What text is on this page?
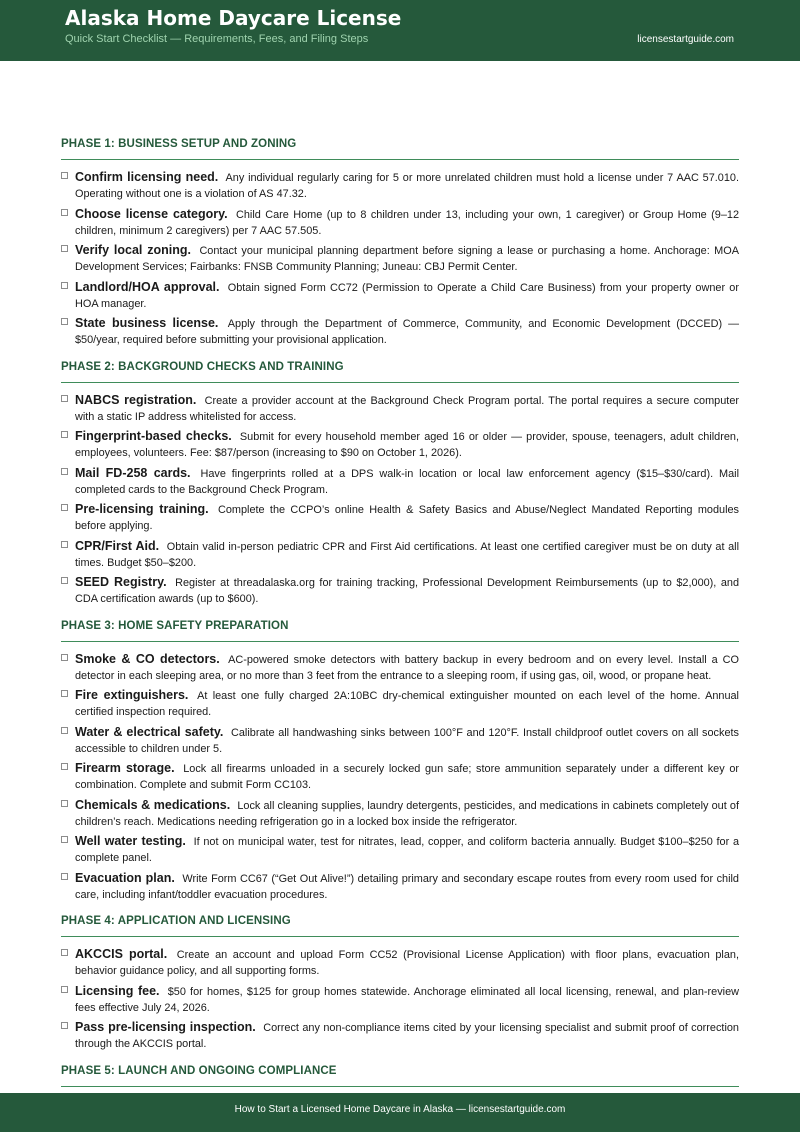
Alaska Home Daycare License
Quick Start Checklist — Requirements, Fees, and Filing Steps	licensestartguide.com
PHASE 1: BUSINESS SETUP AND ZONING
Confirm licensing need. Any individual regularly caring for 5 or more unrelated children must hold a license under 7 AAC 57.010. Operating without one is a violation of AS 47.32.
Choose license category. Child Care Home (up to 8 children under 13, including your own, 1 caregiver) or Group Home (9–12 children, minimum 2 caregivers) per 7 AAC 57.505.
Verify local zoning. Contact your municipal planning department before signing a lease or purchasing a home. Anchorage: MOA Development Services; Fairbanks: FNSB Community Planning; Juneau: CBJ Permit Center.
Landlord/HOA approval. Obtain signed Form CC72 (Permission to Operate a Child Care Business) from your property owner or HOA manager.
State business license. Apply through the Department of Commerce, Community, and Economic Development (DCCED) — $50/year, required before submitting your provisional application.
PHASE 2: BACKGROUND CHECKS AND TRAINING
NABCS registration. Create a provider account at the Background Check Program portal. The portal requires a secure computer with a static IP address whitelisted for access.
Fingerprint-based checks. Submit for every household member aged 16 or older — provider, spouse, teenagers, adult children, employees, volunteers. Fee: $87/person (increasing to $90 on October 1, 2026).
Mail FD-258 cards. Have fingerprints rolled at a DPS walk-in location or local law enforcement agency ($15–$30/card). Mail completed cards to the Background Check Program.
Pre-licensing training. Complete the CCPO’s online Health & Safety Basics and Abuse/Neglect Mandated Reporting modules before applying.
CPR/First Aid. Obtain valid in-person pediatric CPR and First Aid certifications. At least one certified caregiver must be on duty at all times. Budget $50–$200.
SEED Registry. Register at threadalaska.org for training tracking, Professional Development Reimbursements (up to $2,000), and CDA certification awards (up to $600).
PHASE 3: HOME SAFETY PREPARATION
Smoke & CO detectors. AC-powered smoke detectors with battery backup in every bedroom and on every level. Install a CO detector in each sleeping area, or no more than 3 feet from the entrance to a sleeping room, if using gas, oil, wood, or propane heat.
Fire extinguishers. At least one fully charged 2A:10BC dry-chemical extinguisher mounted on each level of the home. Annual certified inspection required.
Water & electrical safety. Calibrate all handwashing sinks between 100°F and 120°F. Install childproof outlet covers on all sockets accessible to children under 5.
Firearm storage. Lock all firearms unloaded in a securely locked gun safe; store ammunition separately under a different key or combination. Complete and submit Form CC103.
Chemicals & medications. Lock all cleaning supplies, laundry detergents, pesticides, and medications in cabinets completely out of children’s reach. Medications needing refrigeration go in a locked box inside the refrigerator.
Well water testing. If not on municipal water, test for nitrates, lead, copper, and coliform bacteria annually. Budget $100–$250 for a complete panel.
Evacuation plan. Write Form CC67 (“Get Out Alive!”) detailing primary and secondary escape routes from every room used for child care, including infant/toddler evacuation procedures.
PHASE 4: APPLICATION AND LICENSING
AKCCIS portal. Create an account and upload Form CC52 (Provisional License Application) with floor plans, evacuation plan, behavior guidance policy, and all supporting forms.
Licensing fee. $50 for homes, $125 for group homes statewide. Anchorage eliminated all local licensing, renewal, and plan-review fees effective July 24, 2026.
Pass pre-licensing inspection. Correct any non-compliance items cited by your licensing specialist and submit proof of correction through the AKCCIS portal.
PHASE 5: LAUNCH AND ONGOING COMPLIANCE
How to Start a Licensed Home Daycare in Alaska — licensestartguide.com
